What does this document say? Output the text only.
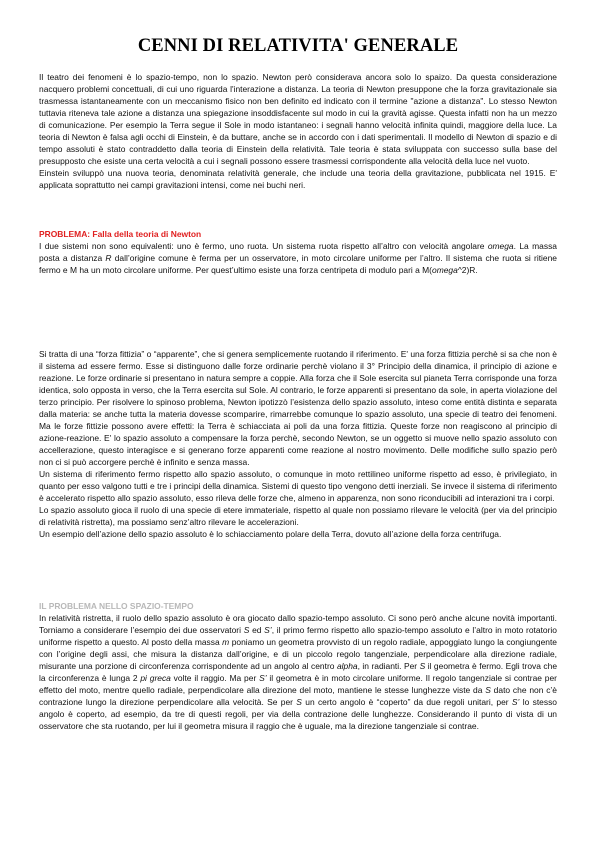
CENNI DI RELATIVITA' GENERALE

Il teatro dei fenomeni è lo spazio-tempo, non lo spazio. Newton però considerava ancora solo lo spaizo. Da questa considerazione nacquero problemi concettuali, di cui uno riguarda l'interazione a distanza. La teoria di Newton presuppone che la forza gravitazionale sia trasmessa istantaneamente con un meccanismo fisico non ben definito ed indicato con il termine "azione a distanza". Lo stesso Newton tuttavia riteneva tale azione a distanza una spiegazione insoddisfacente sul modo in cui la gravità agisse. Questa infatti non ha un mezzo di comunicazione. Per esempio la Terra segue il Sole in modo istantaneo: i segnali hanno velocità infinita quindi, maggiore della luce. La teoria di Newton è falsa agli occhi di Einstein, è da buttare, anche se in accordo con i dati sperimentali. Il modello di Newton di spazio e di tempo assoluti è stato contraddetto dalla teoria di Einstein della relatività. Tale teoria è stata sviluppata con successo sulla base del presupposto che esiste una certa velocità a cui i segnali possono essere trasmessi corrispondente alla velocità della luce nel vuoto.

Einstein sviluppò una nuova teoria, denominata relatività generale, che include una teoria della gravitazione, pubblicata nel 1915. E' applicata soprattutto nei campi gravitazioni intensi, come nei buchi neri.

PROBLEMA: Falla della teoria di Newton

I due sistemi non sono equivalenti: uno è fermo, uno ruota. Un sistema ruota rispetto all’altro con velocità angolare omega. La massa posta a distanza R dall’origine comune è ferma per un osservatore, in moto circolare uniforme per l’altro. Il sistema che ruota si ritiene fermo e M ha un moto circolare uniforme. Per quest’ultimo esiste una forza centripeta di modulo pari a M(omega^2)R.

Si tratta di una “forza fittizia” o “apparente”, che si genera semplicemente ruotando il riferimento. E' una forza fittizia perchè si sa che non è il sistema ad essere fermo. Esse si distinguono dalle forze ordinarie perchè violano il 3° Principio della dinamica, il principio di azione e reazione. Le forze ordinarie si presentano in natura sempre a coppie. Alla forza che il Sole esercita sul pianeta Terra corrisponde una forza identica, solo opposta in verso, che la Terra esercita sul Sole. Al contrario, le forze apparenti si presentano da sole, in aperta violazione del terzo principio. Per risolvere lo spinoso problema, Newton ipotizzò l’esistenza dello spazio assoluto, inteso come entità distinta e separata dalla materia: se anche tutta la materia dovesse scomparire, rimarrebbe comunque lo spazio assoluto, una specie di teatro dei fenomeni. Ma le forze fittizie possono avere effetti: la Terra è schiacciata ai poli da una forza fittizia. Queste forze non reagiscono al principio di azione-reazione. E' lo spazio assoluto a compensare la forza perchè, secondo Newton, se un oggetto si muove nello spazio assoluto con accellerazione, questo interagisce e si generano forze apparenti come reazione al nostro movimento. Delle modifiche sullo spazio però non ci si può accorgere perchè è infinito e senza massa.

Un sistema di riferimento fermo rispetto allo spazio assoluto, o comunque in moto rettilineo uniforme rispetto ad esso, è privilegiato, in quanto per esso valgono tutti e tre i principi della dinamica. Sistemi di questo tipo vengono detti inerziali. Se invece il sistema di riferimento è accelerato rispetto allo spazio assoluto, esso rileva delle forze che, almeno in apparenza, non sono riconducibili ad interazioni tra i corpi.

Lo spazio assoluto gioca il ruolo di una specie di etere immateriale, rispetto al quale non possiamo rilevare le velocità (per via del principio di relatività ristretta), ma possiamo senz’altro rilevare le accelerazioni.

Un esempio dell’azione dello spazio assoluto è lo schiacciamento polare della Terra, dovuto all’azione della forza centrifuga.

IL PROBLEMA NELLO SPAZIO-TEMPO

In relatività ristretta, il ruolo dello spazio assoluto è ora giocato dallo spazio-tempo assoluto. Ci sono però anche alcune novità importanti. Torniamo a considerare l’esempio dei due osservatori S ed S’, il primo fermo rispetto allo spazio-tempo assoluto e l’altro in moto rotatorio uniforme rispetto a questo. Al posto della massa m poniamo un geometra provvisto di un regolo radiale, appoggiato lungo la congiungente con l’origine degli assi, che misura la distanza dall’origine, e di un piccolo regolo tangenziale, perpendicolare alla direzione radiale, misurante una porzione di circonferenza corrispondente ad un angolo al centro alpha, in radianti. Per S il geometra è fermo. Egli trova che la circonferenza è lunga 2 pi greca volte il raggio. Ma per S’ il geometra è in moto circolare uniforme. Il regolo tangenziale si contrae per effetto del moto, mentre quello radiale, perpendicolare alla direzione del moto, mantiene le stesse lunghezze viste da S dato che non c’è contrazione lungo la direzione perpendicolare alla velocità. Se per S un certo angolo è “coperto” da due regoli unitari, per S’ lo stesso angolo è coperto, ad esempio, da tre di questi regoli, per via della contrazione delle lunghezze. Considerando il punto di vista di un osservatore che sta ruotando, per lui il geometra misura il raggio che è uguale, ma la direzione tangenziale si contrae.
